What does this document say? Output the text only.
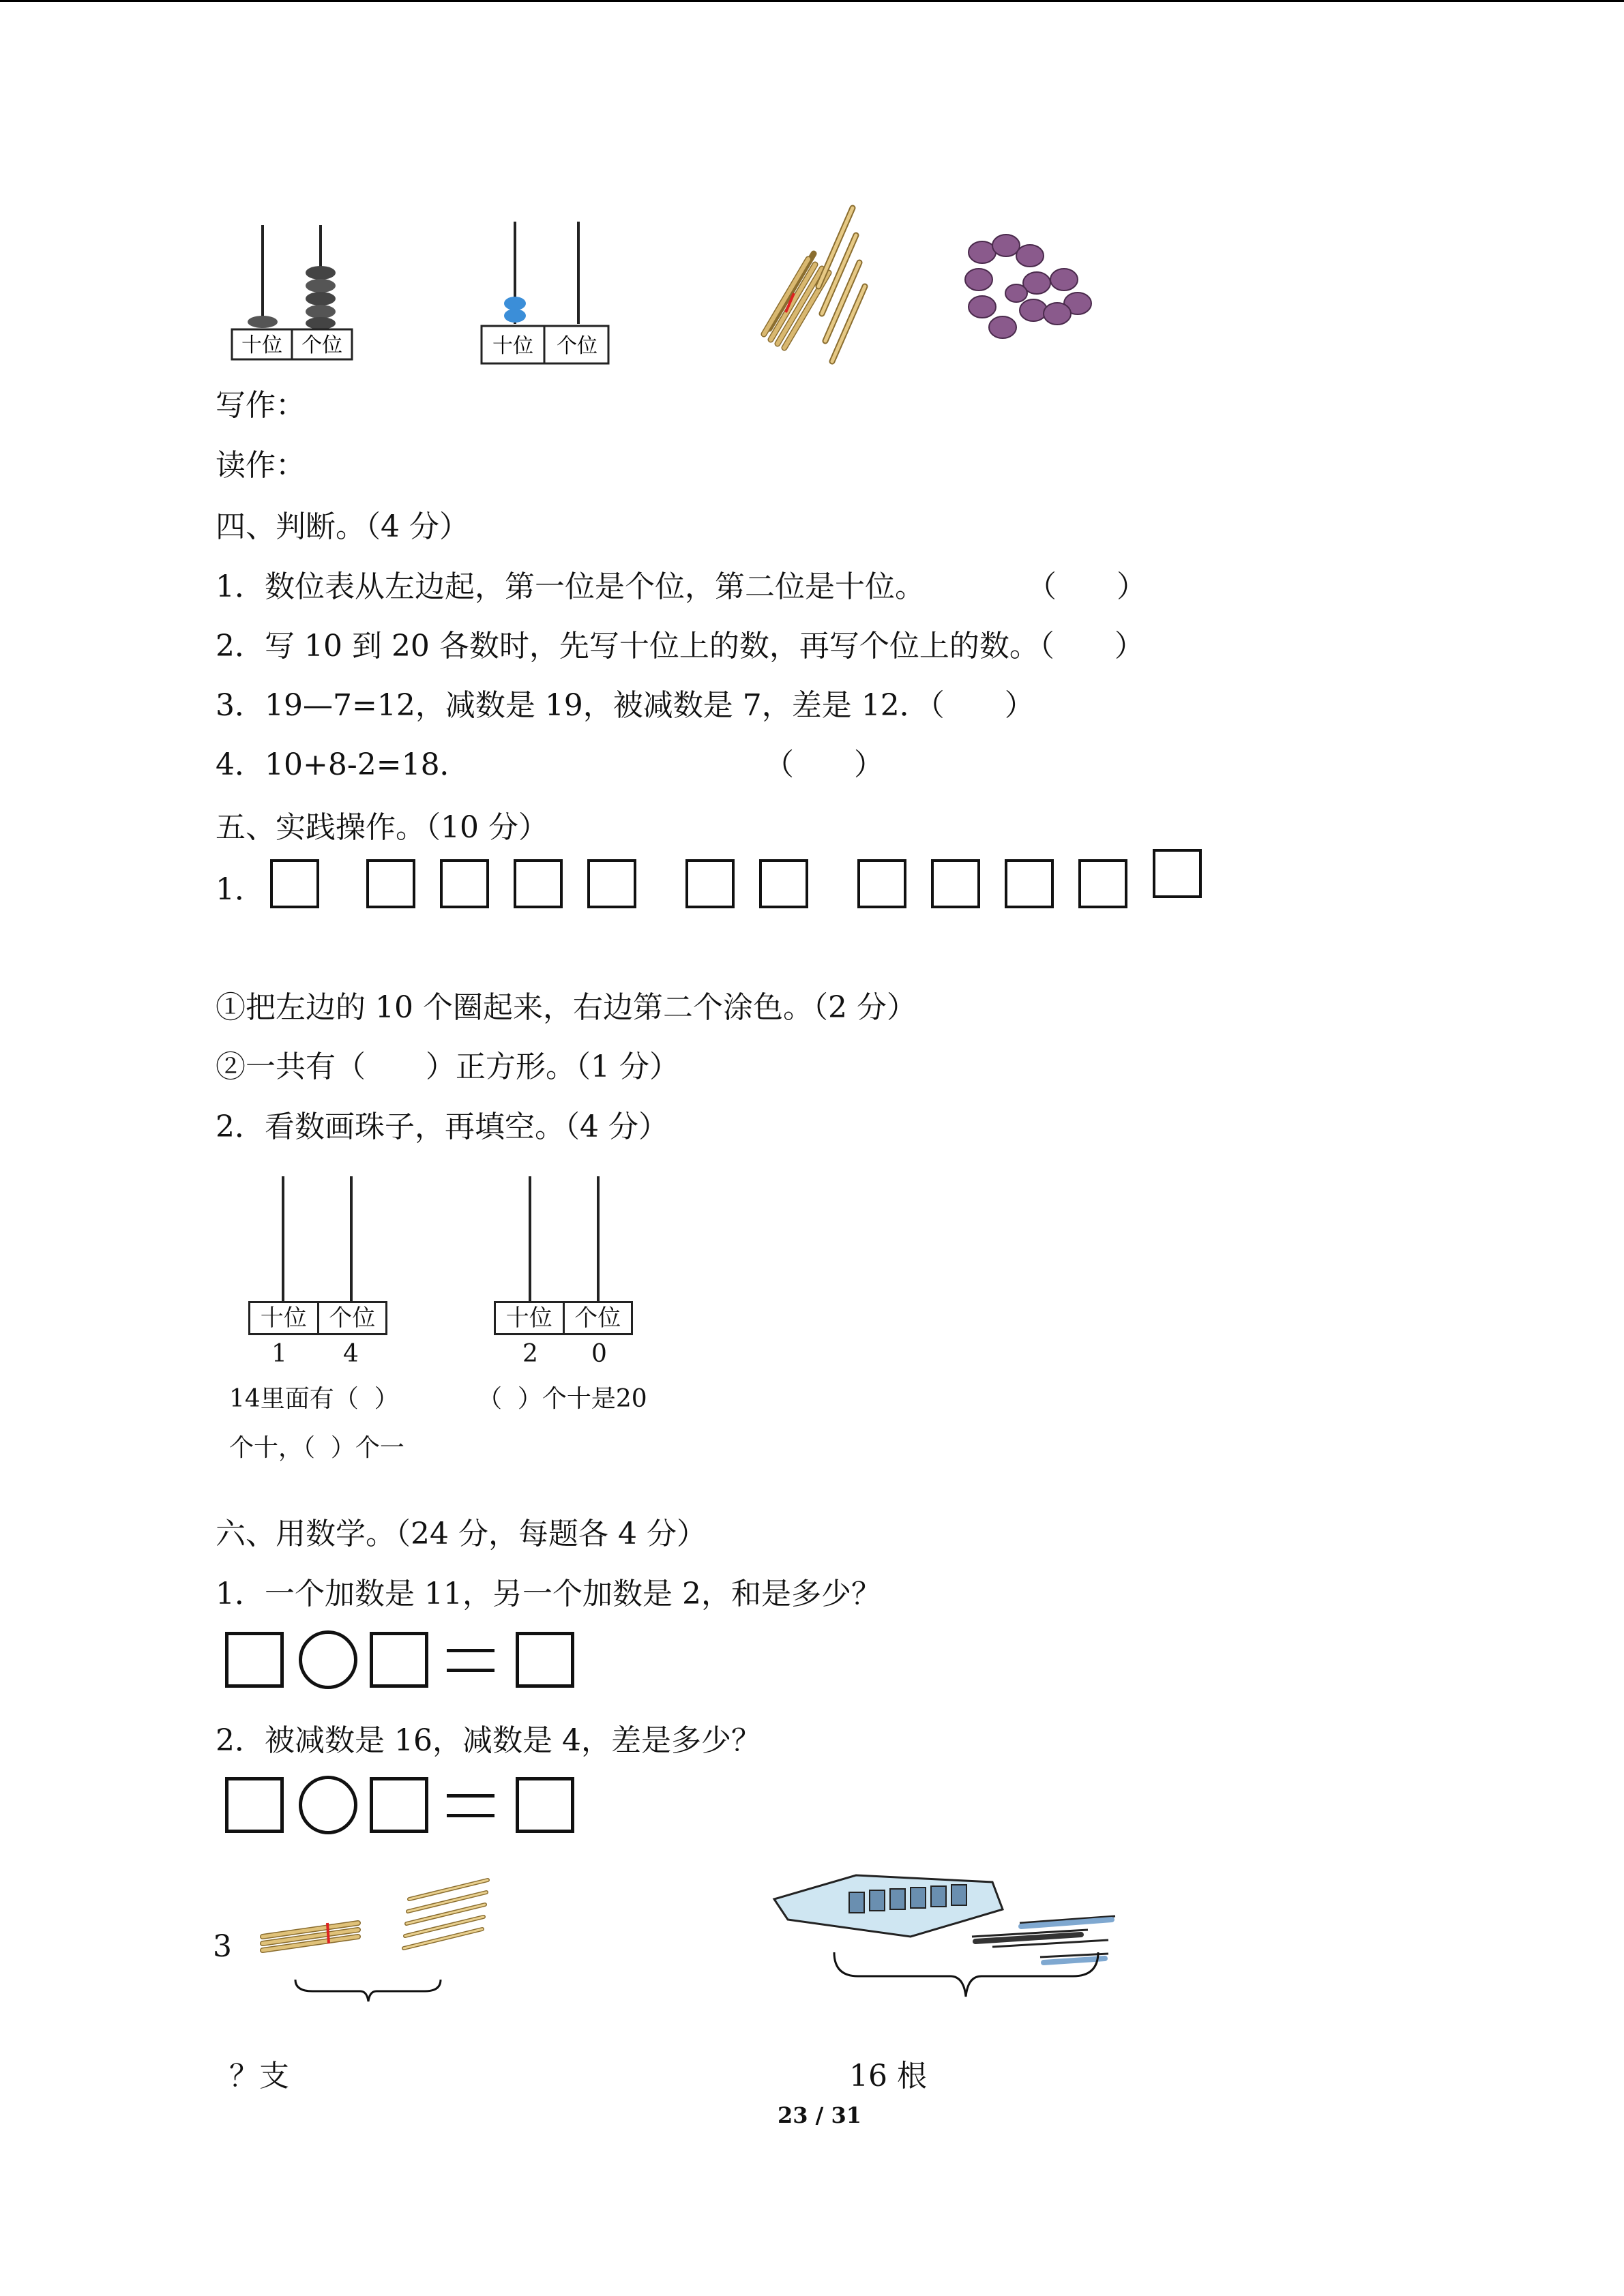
十位 个位	十位 个位
写作：
读作：
四、判断。（4 分）
1．数位表从左边起，第一位是个位，第二位是十位。	（　　）
2．写 10 到 20 各数时，先写十位上的数，再写个位上的数。（　　）
3．19—7=12，减数是 19，被减数是 7，差是 12．（　　）
4．10+8-2=18．	（　　）
五、实践操作。（10 分）
1．
①把左边的 10 个圈起来，右边第二个涂色。（2 分）
②一共有（　　）正方形。（1 分）
2．看数画珠子，再填空。（4 分）
十位 个位
1 4
十位 个位
2 0
14里面有（  ）
个十，（  ）个一
（  ）个十是20
六、用数学。（24 分，每题各 4 分）
1．一个加数是 11，另一个加数是 2，和是多少？
2．被减数是 16，减数是 4，差是多少？
3
？支	16 根
23 / 31
